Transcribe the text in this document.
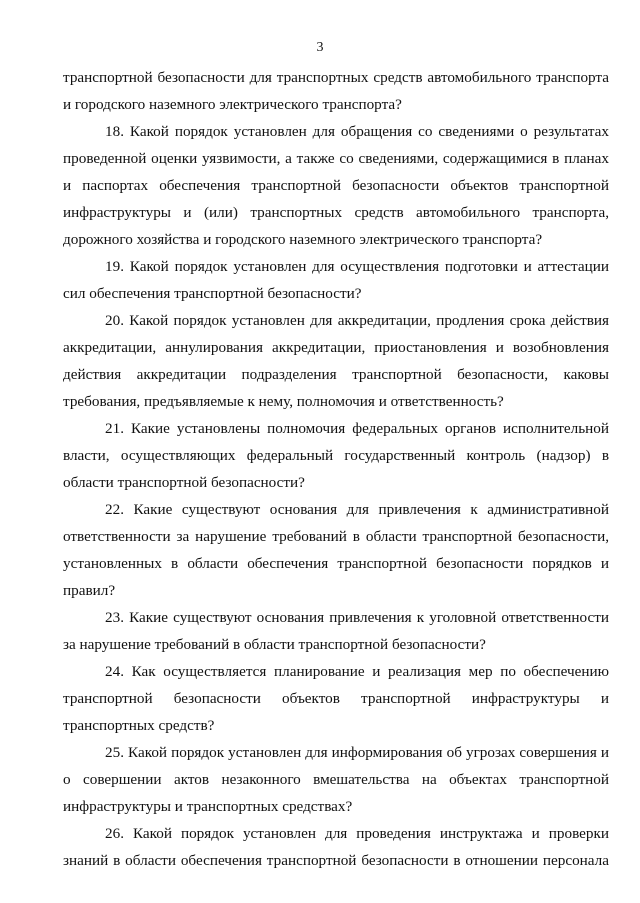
3

транспортной безопасности для транспортных средств автомобильного транспорта и городского наземного электрического транспорта?

18. Какой порядок установлен для обращения со сведениями о результатах проведенной оценки уязвимости, а также со сведениями, содержащимися в планах и паспортах обеспечения транспортной безопасности объектов транспортной инфраструктуры и (или) транспортных средств автомобильного транспорта, дорожного хозяйства и городского наземного электрического транспорта?

19. Какой порядок установлен для осуществления подготовки и аттестации сил обеспечения транспортной безопасности?

20. Какой порядок установлен для аккредитации, продления срока действия аккредитации, аннулирования аккредитации, приостановления и возобновления действия аккредитации подразделения транспортной безопасности, каковы требования, предъявляемые к нему, полномочия и ответственность?

21. Какие установлены полномочия федеральных органов исполнительной власти, осуществляющих федеральный государственный контроль (надзор) в области транспортной безопасности?

22. Какие существуют основания для привлечения к административной ответственности за нарушение требований в области транспортной безопасности, установленных в области обеспечения транспортной безопасности порядков и правил?

23. Какие существуют основания привлечения к уголовной ответственности за нарушение требований в области транспортной безопасности?

24. Как осуществляется планирование и реализация мер по обеспечению транспортной безопасности объектов транспортной инфраструктуры и транспортных средств?

25. Какой порядок установлен для информирования об угрозах совершения и о совершении актов незаконного вмешательства на объектах транспортной инфраструктуры и транспортных средствах?

26. Какой порядок установлен для проведения инструктажа и проверки знаний в области обеспечения транспортной безопасности в отношении персонала
